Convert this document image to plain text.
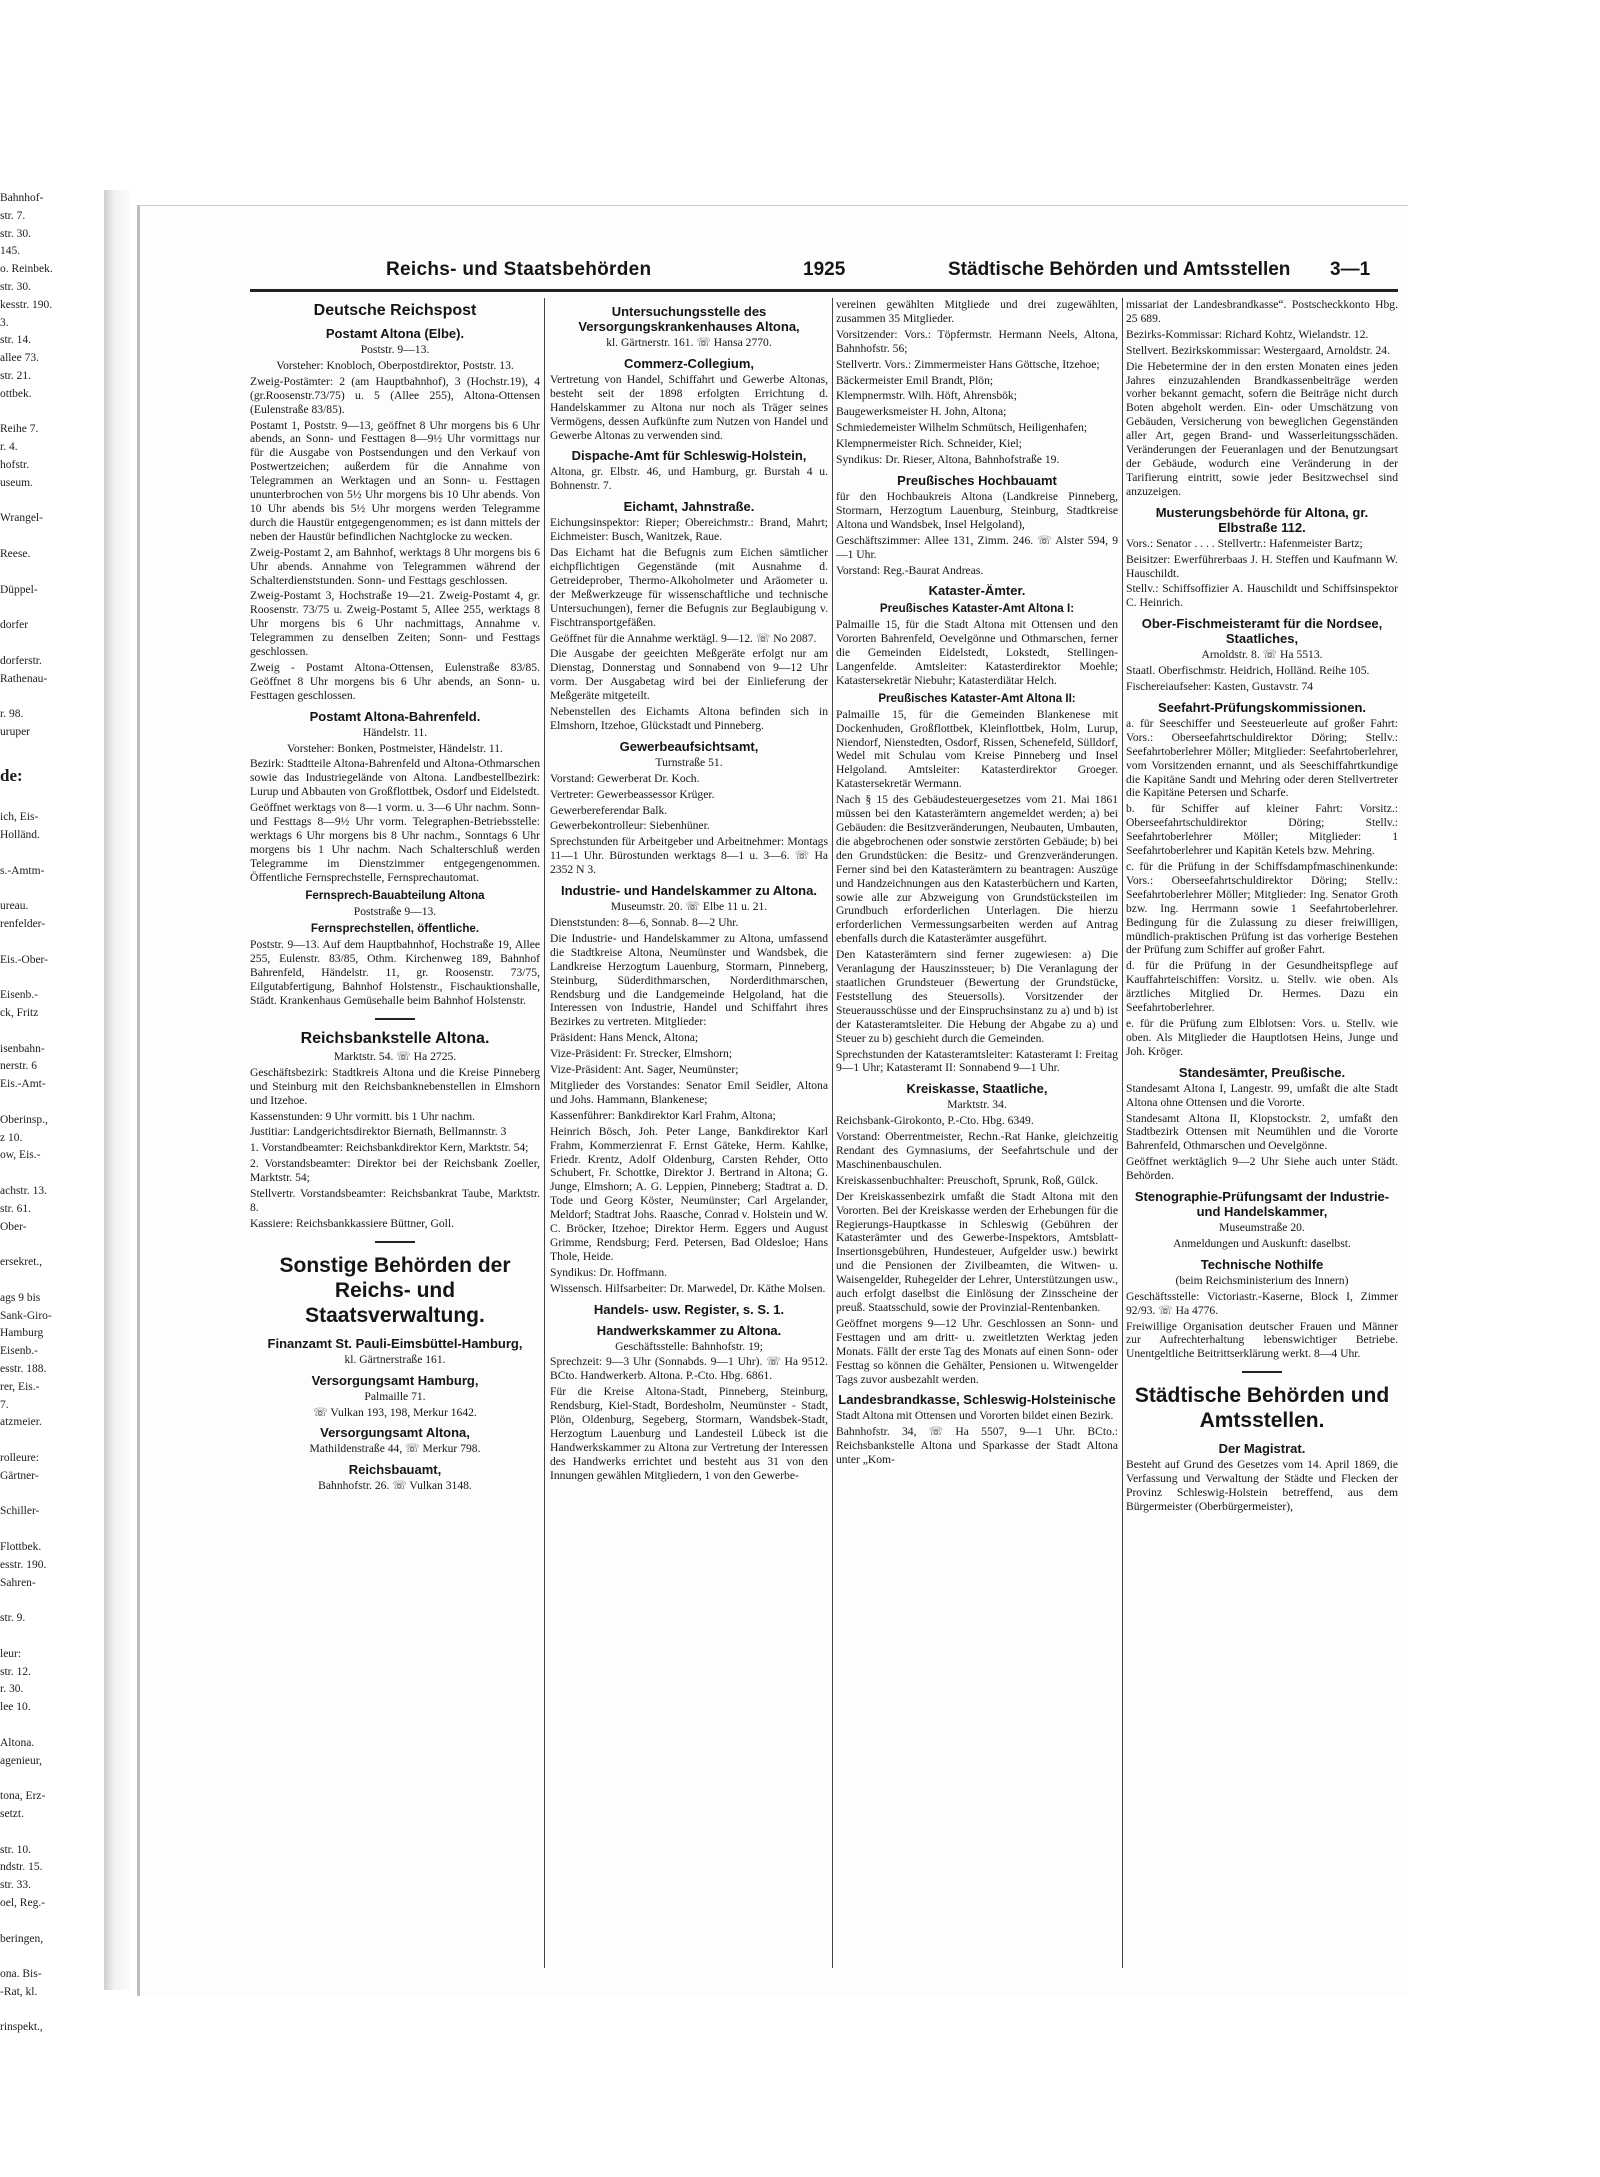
Bahnhof-
str. 7.
str. 30.
145.
o. Reinbek.
str. 30.
kesstr. 190.
3.
str. 14.
allee 73.
str. 21.
ottbek.

Reihe 7.
r. 4.
hofstr.
useum.

Wrangel-

Reese.

Düppel-

dorfer

dorferstr.
Rathenau-

r. 98.
uruper

de:

ich, Eis-
Holländ.

s.-Amtm-

ureau.
renfelder-

Eis.-Ober-

Eisenb.-
ck, Fritz

isenbahn-
nerstr. 6
Eis.-Amt-

Oberinsp.,
z 10.
ow, Eis.-

achstr. 13.
str. 61.
Ober-

ersekret.,

ags 9 bis
Sank-Giro-
Hamburg
Eisenb.-
esstr. 188.
rer, Eis.-
7.
atzmeier.

rolleure:
Gärtner-

Schiller-

Flottbek.
esstr. 190.
Sahren-

str. 9.

leur:
str. 12.
r. 30.
lee 10.

Altona.
agenieur,

tona, Erz-
setzt.

str. 10.
ndstr. 15.
str. 33.
oel, Reg.-

beringen,

ona. Bis-
-Rat, kl.

rinspekt.,
Reichs- und Staatsbehörden	1925	Städtische Behörden und Amtsstellen 3—1
Deutsche Reichspost
Postamt Altona (Elbe).

Poststr. 9—13.

Vorsteher: Knobloch, Oberpostdirektor, Poststr. 13.

Zweig-Postämter: 2 (am Hauptbahnhof), 3 (Hochstr.19), 4 (gr.Roosenstr.73/75) u. 5 (Allee 255), Altona-Ottensen (Eulenstraße 83/85).

Postamt 1, Poststr. 9—13, geöffnet 8 Uhr morgens bis 6 Uhr abends, an Sonn- und Festtagen 8—9½ Uhr vormittags nur für die Ausgabe von Postsendungen und den Verkauf von Postwertzeichen; außerdem für die Annahme von Telegrammen an Werktagen und an Sonn- u. Festtagen ununterbrochen von 5½ Uhr morgens bis 10 Uhr abends. Von 10 Uhr abends bis 5½ Uhr morgens werden Telegramme durch die Haustür entgegengenommen; es ist dann mittels der neben der Haustür befindlichen Nachtglocke zu wecken.

Zweig-Postamt 2, am Bahnhof, werktags 8 Uhr morgens bis 6 Uhr abends. Annahme von Telegrammen während der Schalterdienststunden. Sonn- und Festtags geschlossen.

Zweig-Postamt 3, Hochstraße 19—21. Zweig-Postamt 4, gr. Roosenstr. 73/75 u. Zweig-Postamt 5, Allee 255, werktags 8 Uhr morgens bis 6 Uhr nachmittags, Annahme v. Telegrammen zu denselben Zeiten; Sonn- und Festtags geschlossen.

Zweig - Postamt Altona-Ottensen, Eulenstraße 83/85. Geöffnet 8 Uhr morgens bis 6 Uhr abends, an Sonn- u. Festtagen geschlossen.

Postamt Altona-Bahrenfeld.

Händelstr. 11.

Vorsteher: Bonken, Postmeister, Händelstr. 11.

Bezirk: Stadtteile Altona-Bahrenfeld und Altona-Othmarschen sowie das Industriegelände von Altona. Landbestellbezirk: Lurup und Abbauten von Großflottbek, Osdorf und Eidelstedt.

Geöffnet werktags von 8—1 vorm. u. 3—6 Uhr nachm. Sonn- und Festtags 8—9½ Uhr vorm. Telegraphen-Betriebsstelle: werktags 6 Uhr morgens bis 8 Uhr nachm., Sonntags 6 Uhr morgens bis 1 Uhr nachm. Nach Schalterschluß werden Telegramme im Dienstzimmer entgegengenommen. Öffentliche Fernsprechstelle, Fernsprechautomat.

Fernsprech-Bauabteilung Altona

Poststraße 9—13.

Fernsprechstellen, öffentliche.

Poststr. 9—13. Auf dem Hauptbahnhof, Hochstraße 19, Allee 255, Eulenstr. 83/85, Othm. Kirchenweg 189, Bahnhof Bahrenfeld, Händelstr. 11, gr. Roosenstr. 73/75, Eilgutabfertigung, Bahnhof Holstenstr., Fischauktionshalle, Städt. Krankenhaus Gemüsehalle beim Bahnhof Holstenstr.

Reichsbankstelle Altona.

Marktstr. 54. ☏ Ha 2725.

Geschäftsbezirk: Stadtkreis Altona und die Kreise Pinneberg und Steinburg mit den Reichsbanknebenstellen in Elmshorn und Itzehoe.

Kassenstunden: 9 Uhr vormitt. bis 1 Uhr nachm.

Justitiar: Landgerichtsdirektor Biernath, Bellmannstr. 3

1. Vorstandbeamter: Reichsbankdirektor Kern, Marktstr. 54;

2. Vorstandsbeamter: Direktor bei der Reichsbank Zoeller, Marktstr. 54;

Stellvertr. Vorstandsbeamter: Reichsbankrat Taube, Marktstr. 8.

Kassiere: Reichsbankkassiere Büttner, Goll.

Sonstige Behörden der Reichs- und Staatsverwaltung.
Finanzamt St. Pauli-Eimsbüttel-Hamburg,

kl. Gärtnerstraße 161.

Versorgungsamt Hamburg,

Palmaille 71.

☏ Vulkan 193, 198, Merkur 1642.

Versorgungsamt Altona,

Mathildenstraße 44, ☏ Merkur 798.

Reichsbauamt,

Bahnhofstr. 26. ☏ Vulkan 3148.

Untersuchungsstelle des Versorgungskrankenhauses Altona,

kl. Gärtnerstr. 161. ☏ Hansa 2770.

Commerz-Collegium,

Vertretung von Handel, Schiffahrt und Gewerbe Altonas, besteht seit der 1898 erfolgten Errichtung d. Handelskammer zu Altona nur noch als Träger seines Vermögens, dessen Aufkünfte zum Nutzen von Handel und Gewerbe Altonas zu verwenden sind.

Dispache-Amt für Schleswig-Holstein,

Altona, gr. Elbstr. 46, und Hamburg, gr. Burstah 4 u. Bohnenstr. 7.

Eichamt, Jahnstraße.

Eichungsinspektor: Rieper; Obereichmstr.: Brand, Mahrt; Eichmeister: Busch, Wanitzek, Raue.

Das Eichamt hat die Befugnis zum Eichen sämtlicher eichpflichtigen Gegenstände (mit Ausnahme d. Getreideprober, Thermo-Alkoholmeter und Aräometer u. der Meßwerkzeuge für wissenschaftliche und technische Untersuchungen), ferner die Befugnis zur Beglaubigung v. Fischtransportgefäßen.

Geöffnet für die Annahme werktägl. 9—12. ☏ No 2087.

Die Ausgabe der geeichten Meßgeräte erfolgt nur am Dienstag, Donnerstag und Sonnabend von 9—12 Uhr vorm. Der Ausgabetag wird bei der Einlieferung der Meßgeräte mitgeteilt.

Nebenstellen des Eichamts Altona befinden sich in Elmshorn, Itzehoe, Glückstadt und Pinneberg.

Gewerbeaufsichtsamt,

Turnstraße 51.

Vorstand: Gewerberat Dr. Koch.

Vertreter: Gewerbeassessor Krüger.

Gewerbereferendar Balk.

Gewerbekontrolleur: Siebenhüner.

Sprechstunden für Arbeitgeber und Arbeitnehmer: Montags 11—1 Uhr. Bürostunden werktags 8—1 u. 3—6. ☏ Ha 2352 N 3.

Industrie- und Handelskammer zu Altona.

Museumstr. 20. ☏ Elbe 11 u. 21.

Dienststunden: 8—6, Sonnab. 8—2 Uhr.

Die Industrie- und Handelskammer zu Altona, umfassend die Stadtkreise Altona, Neumünster und Wandsbek, die Landkreise Herzogtum Lauenburg, Stormarn, Pinneberg, Steinburg, Süderdithmarschen, Norderdithmarschen, Rendsburg und die Landgemeinde Helgoland, hat die Interessen von Industrie, Handel und Schiffahrt ihres Bezirkes zu vertreten. Mitglieder:

Präsident: Hans Menck, Altona;

Vize-Präsident: Fr. Strecker, Elmshorn;

Vize-Präsident: Ant. Sager, Neumünster;

Mitglieder des Vorstandes: Senator Emil Seidler, Altona und Johs. Hammann, Blankenese;

Kassenführer: Bankdirektor Karl Frahm, Altona;

Heinrich Bösch, Joh. Peter Lange, Bankdirektor Karl Frahm, Kommerzienrat F. Ernst Gäteke, Herm. Kahlke, Friedr. Krentz, Adolf Oldenburg, Carsten Rehder, Otto Schubert, Fr. Schottke, Direktor J. Bertrand in Altona; G. Junge, Elmshorn; A. G. Leppien, Pinneberg; Stadtrat a. D. Tode und Georg Köster, Neumünster; Carl Argelander, Meldorf; Stadtrat Johs. Raasche, Conrad v. Holstein und W. C. Bröcker, Itzehoe; Direktor Herm. Eggers und August Grimme, Rendsburg; Ferd. Petersen, Bad Oldesloe; Hans Thole, Heide.

Syndikus: Dr. Hoffmann.

Wissensch. Hilfsarbeiter: Dr. Marwedel, Dr. Käthe Molsen.

Handels- usw. Register, s. S. 1.
Handwerkskammer zu Altona.

Geschäftsstelle: Bahnhofstr. 19;

Sprechzeit: 9—3 Uhr (Sonnabds. 9—1 Uhr). ☏ Ha 9512. BCto. Handwerkerb. Altona. P.-Cto. Hbg. 6861.

Für die Kreise Altona-Stadt, Pinneberg, Steinburg, Rendsburg, Kiel-Stadt, Bordesholm, Neumünster - Stadt, Plön, Oldenburg, Segeberg, Stormarn, Wandsbek-Stadt, Herzogtum Lauenburg und Landesteil Lübeck ist die Handwerkskammer zu Altona zur Vertretung der Interessen des Handwerks errichtet und besteht aus 31 von den Innungen gewählen Mitgliedern, 1 von den Gewerbe-

vereinen gewählten Mitgliede und drei zugewählten, zusammen 35 Mitglieder.

Vorsitzender: Vors.: Töpfermstr. Hermann Neels, Altona, Bahnhofstr. 56;

Stellvertr. Vors.: Zimmermeister Hans Göttsche, Itzehoe;

Bäckermeister Emil Brandt, Plön;

Klempnermstr. Wilh. Höft, Ahrensbök;

Baugewerksmeister H. John, Altona;

Schmiedemeister Wilhelm Schmütsch, Heiligenhafen;

Klempnermeister Rich. Schneider, Kiel;

Syndikus: Dr. Rieser, Altona, Bahnhofstraße 19.

Preußisches Hochbauamt

für den Hochbaukreis Altona (Landkreise Pinneberg, Stormarn, Herzogtum Lauenburg, Steinburg, Stadtkreise Altona und Wandsbek, Insel Helgoland),

Geschäftszimmer: Allee 131, Zimm. 246. ☏ Alster 594, 9—1 Uhr.

Vorstand: Reg.-Baurat Andreas.

Kataster-Ämter.
Preußisches Kataster-Amt Altona I:

Palmaille 15, für die Stadt Altona mit Ottensen und den Vororten Bahrenfeld, Oevelgönne und Othmarschen, ferner die Gemeinden Eidelstedt, Lokstedt, Stellingen-Langenfelde. Amtsleiter: Katasterdirektor Moehle; Katastersekretär Niebuhr; Katasterdiätar Helch.

Preußisches Kataster-Amt Altona II:

Palmaille 15, für die Gemeinden Blankenese mit Dockenhuden, Großflottbek, Kleinflottbek, Holm, Lurup, Niendorf, Nienstedten, Osdorf, Rissen, Schenefeld, Sülldorf, Wedel mit Schulau vom Kreise Pinneberg und Insel Helgoland. Amtsleiter: Katasterdirektor Groeger. Katastersekretär Wermann.

Nach § 15 des Gebäudesteuergesetzes vom 21. Mai 1861 müssen bei den Katasterämtern angemeldet werden; a) bei Gebäuden: die Besitzveränderungen, Neubauten, Umbauten, die abgebrochenen oder sonstwie zerstörten Gebäude; b) bei den Grundstücken: die Besitz- und Grenzveränderungen. Ferner sind bei den Katasterämtern zu beantragen: Auszüge und Handzeichnungen aus den Katasterbüchern und Karten, sowie alle zur Abzweigung von Grundstücksteilen im Grundbuch erforderlichen Unterlagen. Die hierzu erforderlichen Vermessungsarbeiten werden auf Antrag ebenfalls durch die Katasterämter ausgeführt.

Den Katasterämtern sind ferner zugewiesen: a) Die Veranlagung der Hauszinssteuer; b) Die Veranlagung der staatlichen Grundsteuer (Bewertung der Grundstücke, Feststellung des Steuersolls). Vorsitzender der Steuerausschüsse und der Einspruchsinstanz zu a) und b) ist der Katasteramtsleiter. Die Hebung der Abgabe zu a) und Steuer zu b) geschieht durch die Gemeinden.

Sprechstunden der Katasteramtsleiter: Katasteramt I: Freitag 9—1 Uhr; Katasteramt II: Sonnabend 9—1 Uhr.

Kreiskasse, Staatliche,

Marktstr. 34.

Reichsbank-Girokonto, P.-Cto. Hbg. 6349.

Vorstand: Oberrentmeister, Rechn.-Rat Hanke, gleichzeitig Rendant des Gymnasiums, der Seefahrtschule und der Maschinenbauschulen.

Kreiskassenbuchhalter: Preuschoft, Sprunk, Roß, Gülck.

Der Kreiskassenbezirk umfaßt die Stadt Altona mit den Vororten. Bei der Kreiskasse werden der Erhebungen für die Regierungs-Hauptkasse in Schleswig (Gebühren der Katasterämter und des Gewerbe-Inspektors, Amtsblatt-Insertionsgebühren, Hundesteuer, Aufgelder usw.) bewirkt und die Pensionen der Zivilbeamten, die Witwen- u. Waisengelder, Ruhegelder der Lehrer, Unterstützungen usw., auch erfolgt daselbst die Einlösung der Zinsscheine der preuß. Staatsschuld, sowie der Provinzial-Rentenbanken.

Geöffnet morgens 9—12 Uhr. Geschlossen an Sonn- und Festtagen und am dritt- u. zweitletzten Werktag jeden Monats. Fällt der erste Tag des Monats auf einen Sonn- oder Festtag so können die Gehälter, Pensionen u. Witwengelder Tags zuvor ausbezahlt werden.

Landesbrandkasse, Schleswig-Holsteinische

Stadt Altona mit Ottensen und Vororten bildet einen Bezirk.

Bahnhofstr. 34, ☏ Ha 5507, 9—1 Uhr. BCto.: Reichsbankstelle Altona und Sparkasse der Stadt Altona unter „Kom-

missariat der Landesbrandkasse“. Postscheckkonto Hbg. 25 689.

Bezirks-Kommissar: Richard Kohtz, Wielandstr. 12.

Stellvert. Bezirkskommissar: Westergaard, Arnoldstr. 24.

Die Hebetermine der in den ersten Monaten eines jeden Jahres einzuzahlenden Brandkassenbeiträge werden vorher bekannt gemacht, sofern die Beiträge nicht durch Boten abgeholt werden. Ein- oder Umschätzung von Gebäuden, Versicherung von beweglichen Gegenständen aller Art, gegen Brand- und Wasserleitungsschäden. Veränderungen der Feueranlagen und der Benutzungsart der Gebäude, wodurch eine Veränderung in der Tarifierung eintritt, sowie jeder Besitzwechsel sind anzuzeigen.

Musterungsbehörde für Altona, gr. Elbstraße 112.

Vors.: Senator . . . . Stellvertr.: Hafenmeister Bartz;

Beisitzer: Ewerführerbaas J. H. Steffen und Kaufmann W. Hauschildt.

Stellv.: Schiffsoffizier A. Hauschildt und Schiffsinspektor C. Heinrich.

Ober-Fischmeisteramt für die Nordsee, Staatliches,

Arnoldstr. 8. ☏ Ha 5513.

Staatl. Oberfischmstr. Heidrich, Holländ. Reihe 105.

Fischereiaufseher: Kasten, Gustavstr. 74

Seefahrt-Prüfungskommissionen.

a. für Seeschiffer und Seesteuerleute auf großer Fahrt: Vors.: Oberseefahrtschuldirektor Döring; Stellv.: Seefahrtoberlehrer Möller; Mitglieder: Seefahrtoberlehrer, vom Vorsitzenden ernannt, und als Seeschiffahrtkundige die Kapitäne Sandt und Mehring oder deren Stellvertreter die Kapitäne Petersen und Scharfe.

b. für Schiffer auf kleiner Fahrt: Vorsitz.: Oberseefahrtschuldirektor Döring; Stellv.: Seefahrtoberlehrer Möller; Mitglieder: 1 Seefahrtoberlehrer und Kapitän Ketels bzw. Mehring.

c. für die Prüfung in der Schiffsdampfmaschinenkunde: Vors.: Oberseefahrtschuldirektor Döring; Stellv.: Seefahrtoberlehrer Möller; Mitglieder: Ing. Senator Groth bzw. Ing. Herrmann sowie 1 Seefahrtoberlehrer. Bedingung für die Zulassung zu dieser freiwilligen, mündlich-praktischen Prüfung ist das vorherige Bestehen der Prüfung zum Schiffer auf großer Fahrt.

d. für die Prüfung in der Gesundheitspflege auf Kauffahrteischiffen: Vorsitz. u. Stellv. wie oben. Als ärztliches Mitglied Dr. Hermes. Dazu ein Seefahrtoberlehrer.

e. für die Prüfung zum Elblotsen: Vors. u. Stellv. wie oben. Als Mitglieder die Hauptlotsen Heins, Junge und Joh. Kröger.

Standesämter, Preußische.

Standesamt Altona I, Langestr. 99, umfaßt die alte Stadt Altona ohne Ottensen und die Vororte.

Standesamt Altona II, Klopstockstr. 2, umfaßt den Stadtbezirk Ottensen mit Neumühlen und die Vororte Bahrenfeld, Othmarschen und Oevelgönne.

Geöffnet werktäglich 9—2 Uhr Siehe auch unter Städt. Behörden.

Stenographie-Prüfungsamt der Industrie- und Handelskammer,

Museumstraße 20.

Anmeldungen und Auskunft: daselbst.

Technische Nothilfe

(beim Reichsministerium des Innern)

Geschäftsstelle: Victoriastr.-Kaserne, Block I, Zimmer 92/93. ☏ Ha 4776.

Freiwillige Organisation deutscher Frauen und Männer zur Aufrechterhaltung lebenswichtiger Betriebe. Unentgeltliche Beitrittserklärung werkt. 8—4 Uhr.

Städtische Behörden und Amtsstellen.
Der Magistrat.

Besteht auf Grund des Gesetzes vom 14. April 1869, die Verfassung und Verwaltung der Städte und Flecken der Provinz Schleswig-Holstein betreffend, aus dem Bürgermeister (Oberbürgermeister),
